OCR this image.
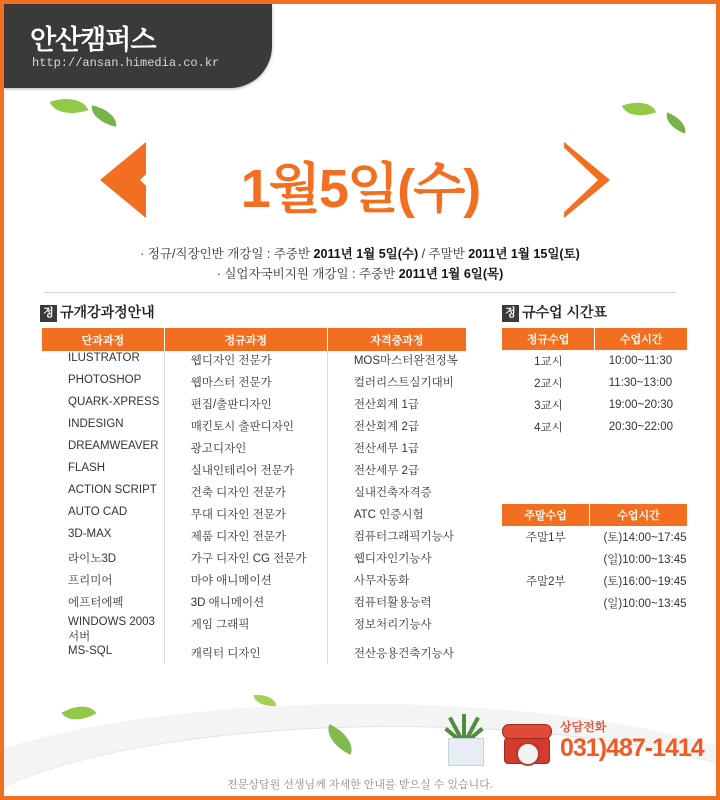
안산캠퍼스
http://ansan.himedia.co.kr
1월5일(수)
· 정규/직장인반 개강일 : 주중반 2011년 1월 5일(수) / 주말반 2011년 1월 15일(토)
· 실업자국비지원 개강일 : 주중반 2011년 1월 6일(목)
정 규개강과정안내	정 규수업 시간표
단과과정	정규과정	자격증과정
ILUSTRATOR	웹디자인 전문가	MOS마스터완전정복
PHOTOSHOP	웹마스터 전문가	컬러리스트실기대비
QUARK-XPRESS	편집/출판디자인	전산회계 1급
INDESIGN	매킨토시 출판디자인	전산회계 2급
DREAMWEAVER	광고디자인	전산세무 1급
FLASH	실내인테리어 전문가	전산세무 2급
ACTION SCRIPT	건축 디자인 전문가	실내건축자격증
AUTO CAD	무대 디자인 전문가	ATC 인증시험
3D-MAX	제품 디자인 전문가	컴퓨터그래픽기능사
라이노3D	가구 디자인 CG 전문가	웹디자인기능사
프리미어	마야 애니메이션	사무자동화
에프터에펙	3D 애니메이션	컴퓨터활용능력
WINDOWS 2003 서버	게임 그래픽	정보처리기능사
MS-SQL	캐릭터 디자인	전산응용건축기능사

정규수업	수업시간
1교시	10:00~11:30
2교시	11:30~13:00
3교시	19:00~20:30
4교시	20:30~22:00
주말수업	수업시간
주말1부	(토)14:00~17:45
	(일)10:00~13:45
주말2부	(토)16:00~19:45
	(일)10:00~13:45
상담전화
031)487-1414
전문상담원 선생님께 자세한 안내를 받으실 수 있습니다.
